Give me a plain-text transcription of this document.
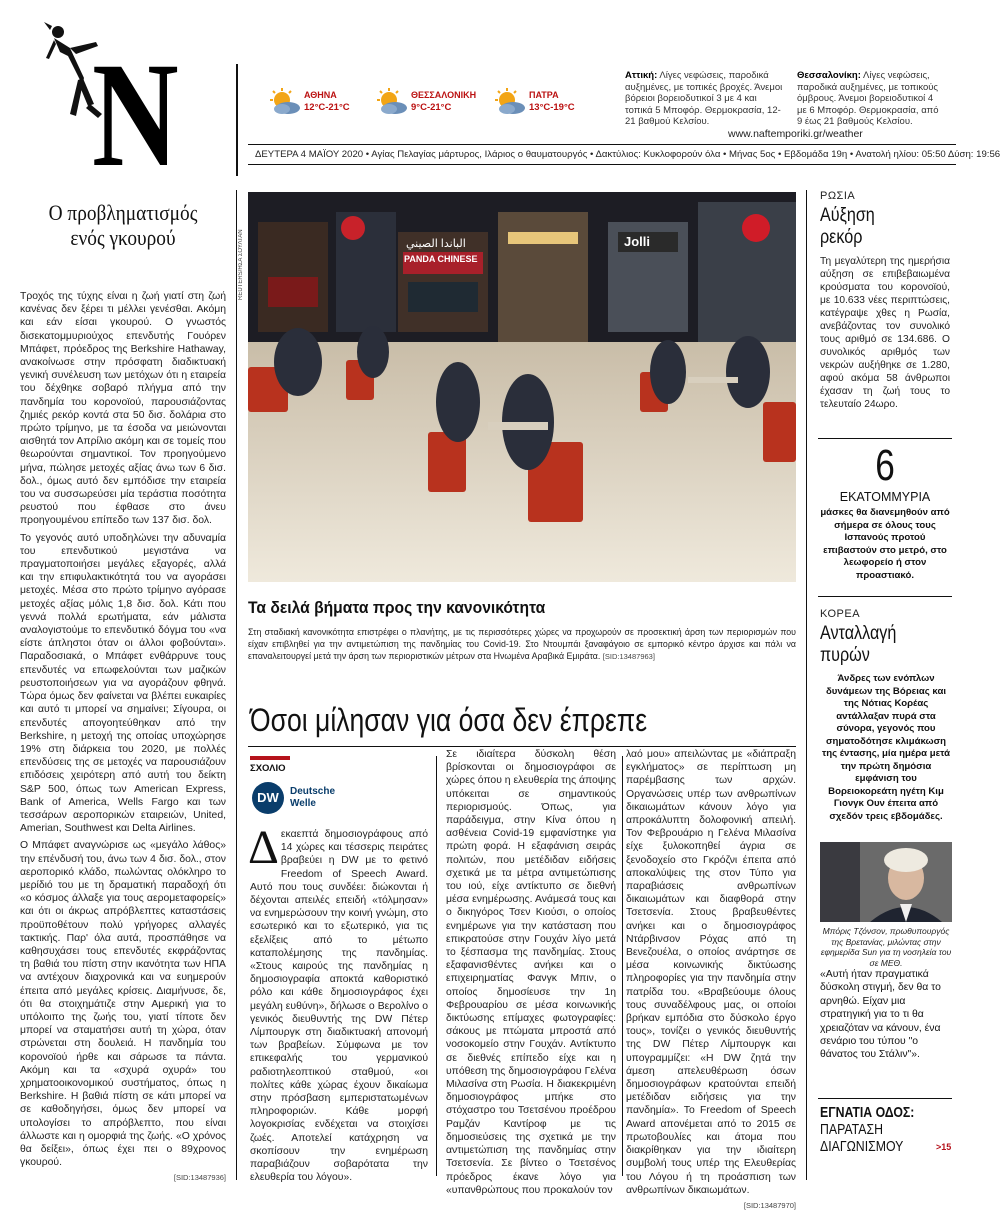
N	ΑΘΗΝΑ
12°C-21°C
ΘΕΣΣΑΛΟΝΙΚΗ
9°C-21°C
ΠΑΤΡΑ
13°C-19°C
Αττική: Λίγες νεφώσεις, παροδικά αυξημένες, με τοπικές βροχές. Άνεμοι βόρειοι βορειοδυτικοί 3 με 4 και τοπικά 5 Μποφόρ. Θερμοκρασία, 12-21 βαθμού Κελσίου.
Θεσσαλονίκη: Λίγες νεφώσεις, παροδικά αυξημένες, με τοπικούς όμβρους. Άνεμοι βορειοδυτικοί 4 με 6 Μποφόρ. Θερμοκρασία, από 9 έως 21 βαθμούς Κελσίου.
www.naftemporiki.gr/weather
ΔΕΥΤΕΡΑ 4 ΜΑΪΟΥ 2020 • Αγίας Πελαγίας μάρτυρος, Ιλάριος ο θαυματουργός • Δακτύλιος: Κυκλοφορούν όλα • Μήνας 5ος • Εβδομάδα 19η • Ανατολή ηλίου: 05:50 Δύση: 19:56
Ο προβληματισμός
ενός γκουρού

Τροχός της τύχης είναι η ζωή γιατί στη ζωή κανένας δεν ξέρει τι μέλλει γενέσθαι. Ακόμη και εάν είσαι γκουρού. Ο γνωστός δισεκατομμυριούχος επενδυτής Γουόρεν Μπάφετ, πρόεδρος της Berkshire Hathaway, ανακοίνωσε στην πρόσφατη διαδικτυακή γενική συνέλευση των μετόχων ότι η εταιρεία του δέχθηκε σοβαρό πλήγμα από την πανδημία του κορονοϊού, παρουσιάζοντας ζημιές ρεκόρ κοντά στα 50 δισ. δολάρια στο πρώτο τρίμηνο, με τα έσοδα να μειώνονται αισθητά τον Απρίλιο ακόμη και σε τομείς που θεωρούνται σημαντικοί. Τον προηγούμενο μήνα, πώλησε μετοχές αξίας άνω των 6 δισ. δολ., όμως αυτό δεν εμπόδισε την εταιρεία του να συσσωρεύσει μία τεράστια ποσότητα ρευστού που έφθασε στο άνευ προηγουμένου επίπεδο των 137 δισ. δολ.

Το γεγονός αυτό υποδηλώνει την αδυναμία του επενδυτικού μεγιστάνα να πραγματοποιήσει μεγάλες εξαγορές, αλλά και την επιφυλακτικότητά του να αγοράσει μετοχές. Μέσα στο πρώτο τρίμηνο αγόρασε μετοχές αξίας μόλις 1,8 δισ. δολ. Κάτι που γεννά πολλά ερωτήματα, εάν μάλιστα αναλογιστούμε το επενδυτικό δόγμα του «να είστε άπληστοι όταν οι άλλοι φοβούνται». Παραδοσιακά, ο Μπάφετ ενθάρρυνε τους επενδυτές να επωφελούνται των μαζικών ρευστοποιήσεων για να αγοράζουν φθηνά. Τώρα όμως δεν φαίνεται να βλέπει ευκαιρίες και αυτό τι μπορεί να σημαίνει; Σίγουρα, οι επενδυτές απογοητεύθηκαν από την Berkshire, η μετοχή της οποίας υποχώρησε 19% στη διάρκεια του 2020, με πολλές επενδύσεις της σε μετοχές να παρουσιάζουν επιδόσεις χειρότερη από αυτή του δείκτη S&P 500, όπως των American Express, Bank of America, Wells Fargo και των τεσσάρων αεροπορικών εταιρειών, United, Amerian, Southwest και Delta Airlines.

Ο Μπάφετ αναγνώρισε ως «μεγάλο λάθος» την επένδυσή του, άνω των 4 δισ. δολ., στον αεροπορικό κλάδο, πωλώντας ολόκληρο το μερίδιό του με τη δραματική παραδοχή ότι «ο κόσμος άλλαξε για τους αερομεταφορείς» και ότι οι άκρως απρόβλεπτες καταστάσεις προϋποθέτουν πολύ γρήγορες αλλαγές τακτικής. Παρ' όλα αυτά, προσπάθησε να καθησυχάσει τους επενδυτές εκφράζοντας τη βαθιά του πίστη στην ικανότητα των ΗΠΑ να αντέχουν διαχρονικά και να ευημερούν έπειτα από μεγάλες κρίσεις. Διαμήνυσε, δε, ότι θα στοιχημάτιζε στην Αμερική για το υπόλοιπο της ζωής του, γιατί τίποτε δεν μπορεί να σταματήσει αυτή τη χώρα, όταν στρώνεται στη δουλειά. Η πανδημία του κορονοϊού ήρθε και σάρωσε τα πάντα. Ακόμη και τα «σχυρά οχυρά» του χρηματοοικονομικού συστήματος, όπως η Berkshire. Η βαθιά πίστη σε κάτι μπορεί να σε καθοδηγήσει, όμως δεν μπορεί να υπολογίσει το απρόβλεπτο, που είναι άλλωστε και η ομορφιά της ζωής. «Ο χρόνος θα δείξει», όπως έχει πει ο 89χρονος γκουρού.

[SID:13487936]
REUTERS/ΗΣΑ ΣΟΥΛΤΑΝ	الباندا الصيني
PANDA CHINESE
Jolli
Τα δειλά βήματα προς την κανονικότητα
Στη σταδιακή κανονικότητα επιστρέφει ο πλανήτης, με τις περισσότερες χώρες να προχωρούν σε προσεκτική άρση των περιορισμών που είχαν επιβληθεί για την αντιμετώπιση της πανδημίας του Covid-19. Στο Ντουμπάι ξαναφάγοιο σε εμπορικό κέντρο άρχισε και πάλι να επαναλειτουργεί μετά την άρση των περιοριστικών μέτρων στα Ηνωμένα Αραβικά Εμιράτα. [SID:13487963]
Όσοι μίλησαν για όσα δεν έπρεπε
ΣΧΟΛΙΟ
DW	Deutsche
Welle
Δ εκαεπτά δημοσιογράφους από 14 χώρες και τέσσερις πειράτες βραβεύει η DW με το φετινό Freedom of Speech Award. Αυτό που τους συνδέει: διώκονται ή δέχονται απειλές επειδή «τόλμησαν» να ενημερώσουν την κοινή γνώμη, στο εσωτερικό και το εξωτερικό, για τις εξελίξεις από το μέτωπο καταπολέμησης της πανδημίας. «Στους καιρούς της πανδημίας η δημοσιογραφία αποκτά καθοριστικό ρόλο και κάθε δημοσιογράφος έχει μεγάλη ευθύνη», δήλωσε ο Βερολίνο ο γενικός διευθυντής της DW Πέτερ Λίμπουργκ στη διαδικτυακή απονομή των βραβείων. Σύμφωνα με τον επικεφαλής του γερμανικού ραδιοτηλεοπτικού σταθμού, «οι πολίτες κάθε χώρας έχουν δικαίωμα στην πρόσβαση εμπεριστατωμένων πληροφοριών. Κάθε μορφή λογοκρισίας ενδέχεται να στοιχίσει ζωές. Αποτελεί κατάχρηση να σκοπίσουν την ενημέρωση παραβιάζουν σοβαρότατα την ελευθερία του λόγου».

Σε ιδιαίτερα δύσκολη θέση βρίσκονται οι δημοσιογράφοι σε χώρες όπου η ελευθερία της άποψης υπόκειται σε σημαντικούς περιορισμούς. Όπως, για παράδειγμα, στην Κίνα όπου η ασθένεια Covid-19 εμφανίστηκε για πρώτη φορά. Η εξαφάνιση σειράς πολιτών, που μετέδιδαν ειδήσεις σχετικά με τα μέτρα αντιμετώπισης του ιού, είχε αντίκτυπο σε διεθνή μέσα ενημέρωσης. Ανάμεσά τους και ο δικηγόρος Τσεν Κιούσι, ο οποίος ενημέρωνε για την κατάσταση που επικρατούσε στην Γουχάν λίγο μετά το ξέσπασμα της πανδημίας. Στους εξαφανισθέντες ανήκει και ο επιχειρηματίας Φανγκ Μπιν, ο οποίος δημοσίευσε την 1η Φεβρουαρίου σε μέσα κοινωνικής δικτύωσης επίμαχες φωτογραφίες: σάκους με πτώματα μπροστά από νοσοκομείο στην Γουχάν. Αντίκτυπο σε διεθνές επίπεδο είχε και η υπόθεση της δημοσιογράφου Γελένα Μιλασίνα στη Ρωσία. Η διακεκριμένη δημοσιογράφος μπήκε στο στόχαστρο του Τσετσένου προέδρου Ραμζάν Καντίροφ με τις δημοσιεύσεις της σχετικά με την αντιμετώπιση της πανδημίας στην Τσετσενία. Σε βίντεο ο Τσετσένος πρόεδρος έκανε λόγο για «υπανθρώπους που προκαλούν τον

λαό μου» απειλώντας με «διάπραξη εγκλήματος» σε περίπτωση μη παρέμβασης των αρχών. Οργανώσεις υπέρ των ανθρωπίνων δικαιωμάτων κάνουν λόγο για απροκάλυπτη δολοφονική απειλή. Τον Φεβρουάριο η Γελένα Μιλασίνα είχε ξυλοκοπηθεί άγρια σε ξενοδοχείο στο Γκρόζνι έπειτα από αποκαλύψεις της στον Τύπο για παραβιάσεις ανθρωπίνων δικαιωμάτων και διαφθορά στην Τσετσενία. Στους βραβευθέντες ανήκει και ο δημοσιογράφος Ντάρβινσον Ρόχας από τη Βενεζουέλα, ο οποίος ανάρτησε σε μέσα κοινωνικής δικτύωσης πληροφορίες για την πανδημία στην πατρίδα του. «Βραβεύουμε όλους τους συναδέλφους μας, οι οποίοι βρήκαν εμπόδια στο δύσκολο έργο τους», τονίζει ο γενικός διευθυντής της DW Πέτερ Λίμπουργκ και υπογραμμίζει: «Η DW ζητά την άμεση απελευθέρωση όσων δημοσιογράφων κρατούνται επειδή μετέδιδαν ειδήσεις για την πανδημία». Το Freedom of Speech Award απονέμεται από το 2015 σε πρωτοβουλίες και άτομα που διακρίθηκαν για την ιδιαίτερη συμβολή τους υπέρ της Ελευθερίας του Λόγου ή τη προάσπιση των ανθρωπίνων δικαιωμάτων.

[SID:13487970]
ΡΩΣΙΑ
Αύξηση
ρεκόρ
Τη μεγαλύτερη της ημερήσια αύξηση σε επιβεβαιωμένα κρούσματα του κορονοϊού, με 10.633 νέες περιπτώσεις, κατέγραψε χθες η Ρωσία, ανεβάζοντας τον συνολικό τους αριθμό σε 134.686. Ο συνολικός αριθμός των νεκρών αυξήθηκε σε 1.280, αφού ακόμα 58 άνθρωποι έχασαν τη ζωή τους το τελευταίο 24ωρο.
6
ΕΚΑΤΟΜΜΥΡΙΑ
μάσκες θα διανεμηθούν από σήμερα σε όλους τους Ισπανούς προτού επιβαστούν στο μετρό, στο λεωφορείο ή στον προαστιακό.
ΚΟΡΕΑ
Ανταλλαγή
πυρών
Άνδρες των ενόπλων δυνάμεων της Βόρειας και της Νότιας Κορέας αντάλλαξαν πυρά στα σύνορα, γεγονός που σηματοδότησε κλιμάκωση της έντασης, μία ημέρα μετά την πρώτη δημόσια εμφάνιση του Βορειοκορεάτη ηγέτη Κιμ Γιονγκ Ουν έπειτα από σχεδόν τρεις εβδομάδες.
Μπόρις Τζόνσον, πρωθυπουργός της Βρετανίας, μιλώντας στην εφημερίδα Sun για τη νοσηλεία του σε ΜΕΘ.
«Αυτή ήταν πραγματικά δύσκολη στιγμή, δεν θα το αρνηθώ. Είχαν μια στρατηγική για το τι θα χρειαζόταν να κάνουν, ένα σενάριο του τύπου "ο θάνατος του Στάλιν"».
ΕΓΝΑΤΙΑ ΟΔΟΣ:
ΠΑΡΑΤΑΣΗ
ΔΙΑΓΩΝΙΣΜΟΥ	>15
